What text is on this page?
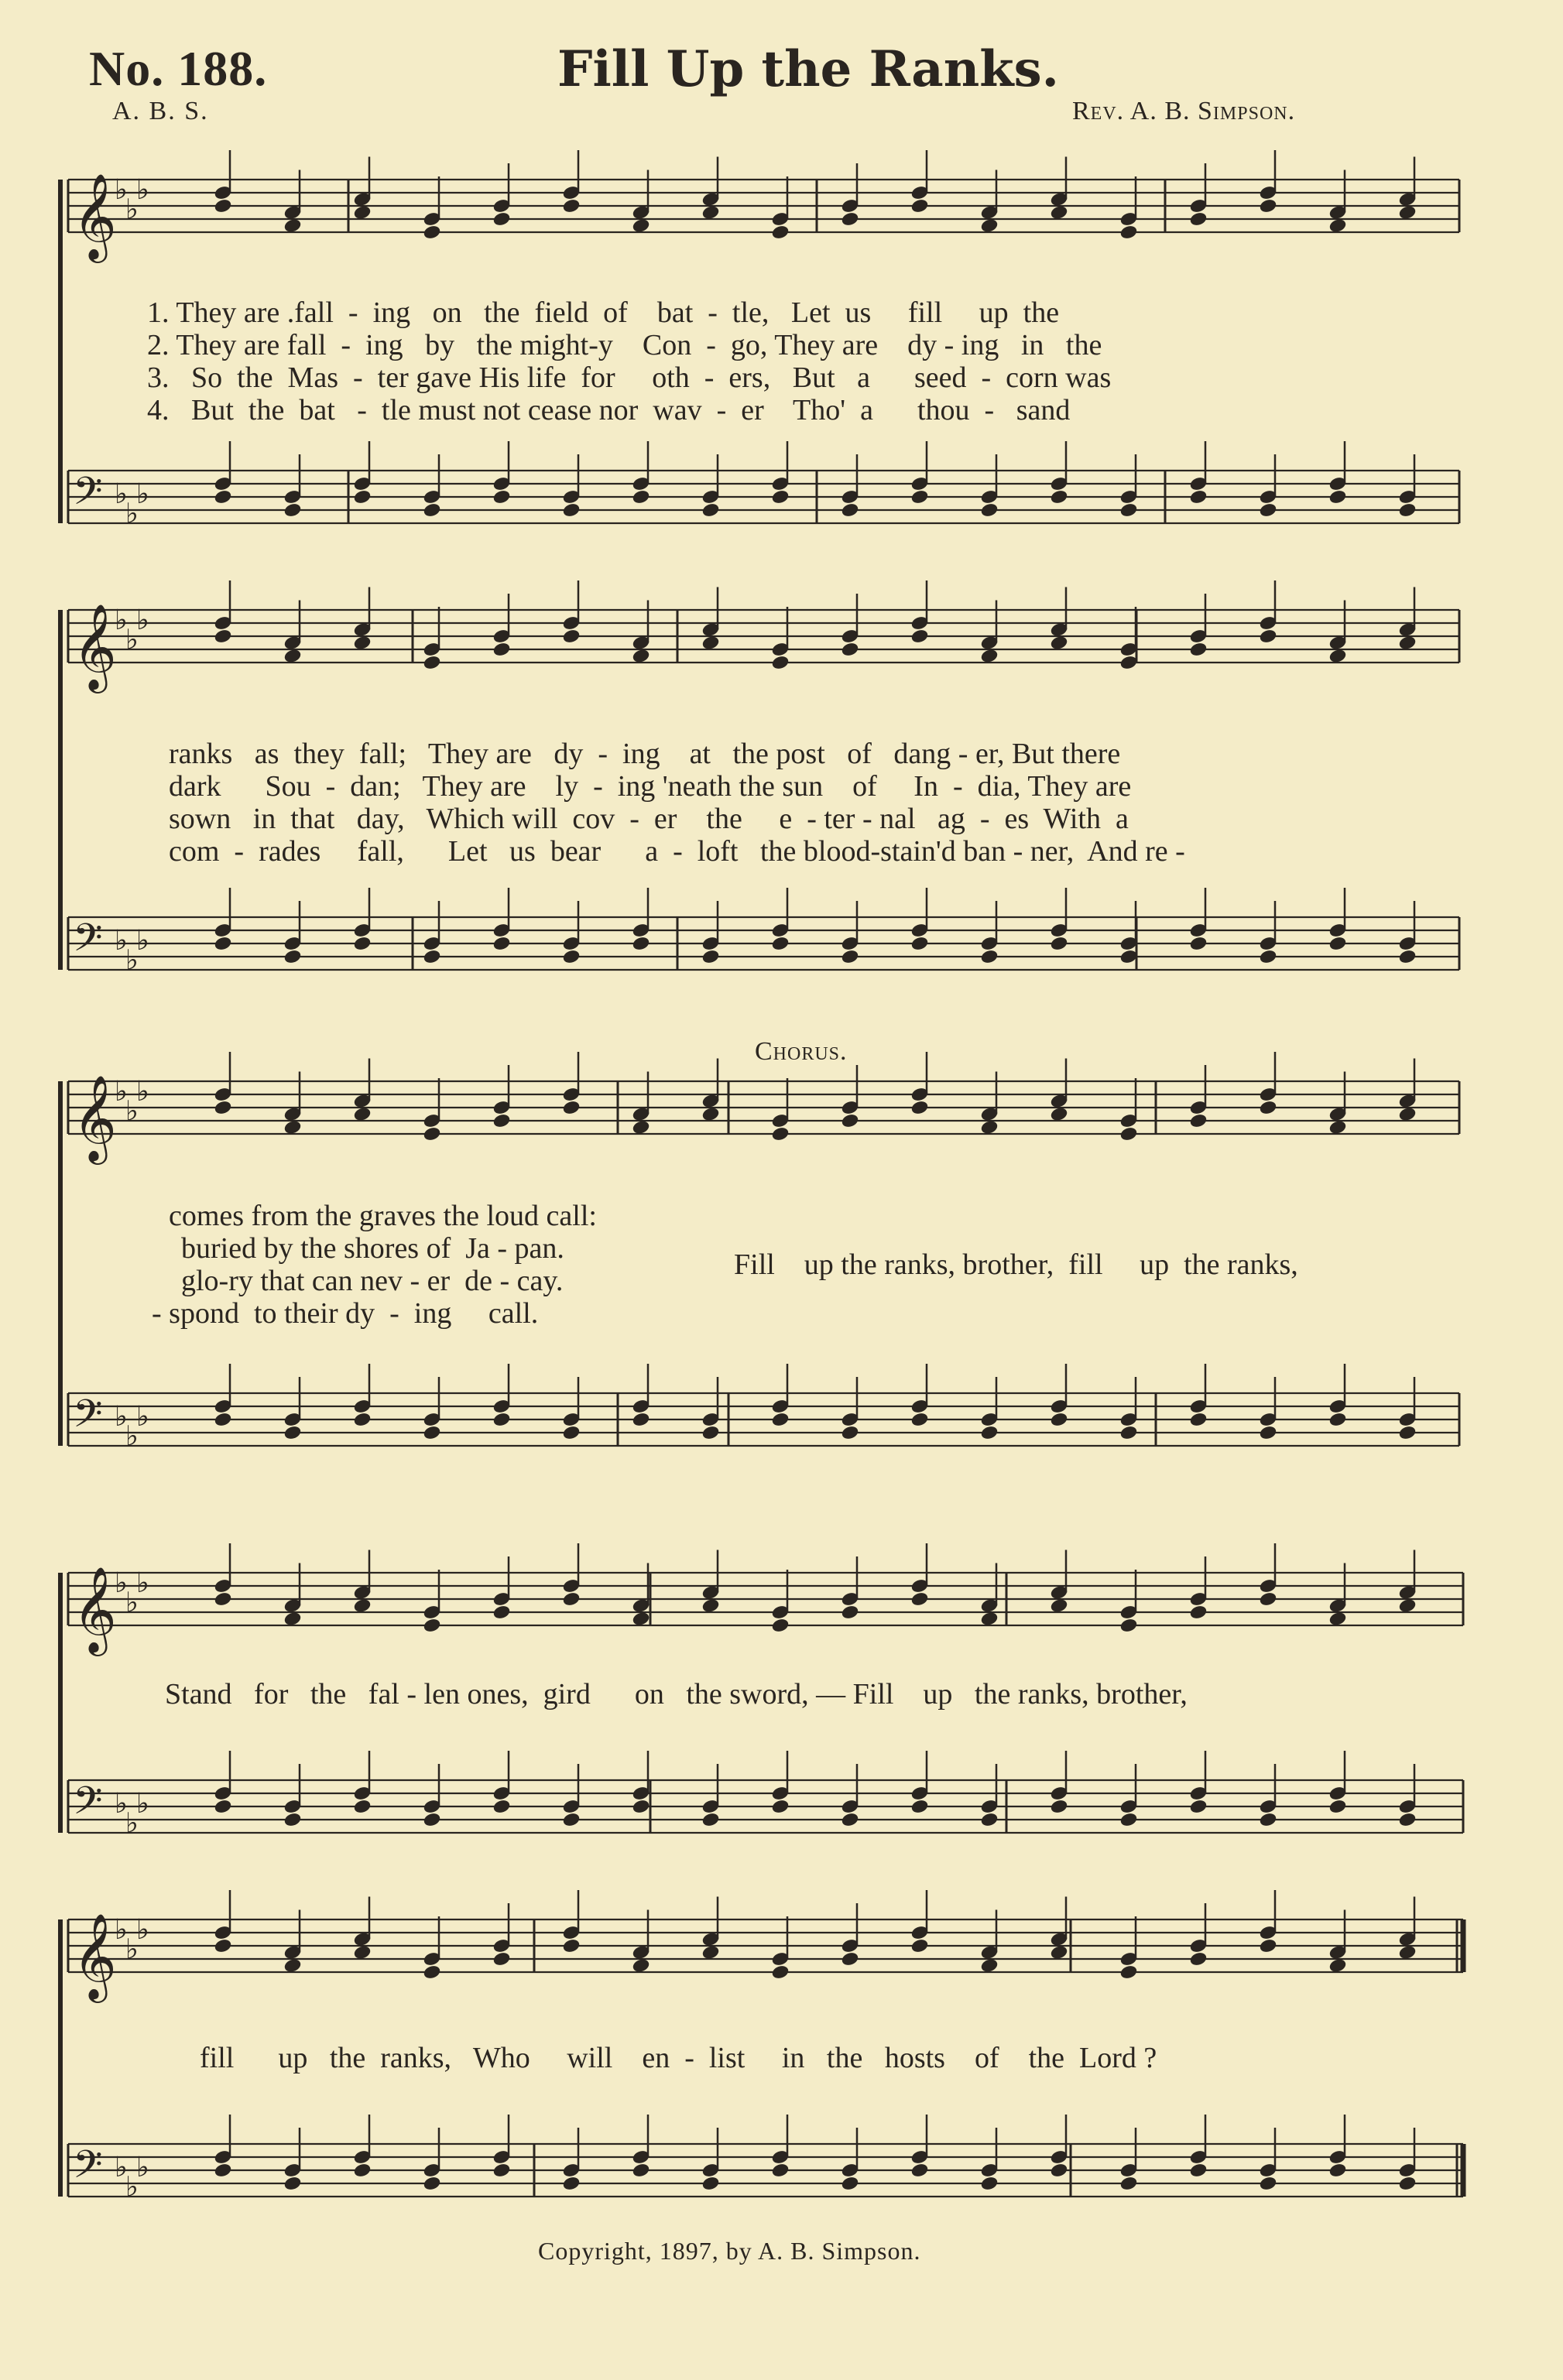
No. 188.	Fill Up the Ranks.
A. B. S.	Rev. A. B. Simpson.
𝄞
𝄢
♭
♭
♭
♭
♭
♭
𝄞
𝄢
♭
♭
♭
♭
♭
♭
𝄞
𝄢
♭
♭
♭
♭
♭
♭
𝄞
𝄢
♭
♭
♭
♭
♭
♭
𝄞
𝄢
♭
♭
♭
♭
♭
♭
1. They are .fall  -  ing   on   the  field  of    bat  -  tle,   Let  us     fill     up  the
2. They are fall  -  ing   by   the might-y    Con  -  go, They are    dy - ing   in   the
3.   So  the  Mas  -  ter gave His life  for     oth  -  ers,   But   a      seed  -  corn was
4.   But  the  bat   -  tle must not cease nor  wav  -  er    Tho'  a      thou  -   sand
ranks   as  they  fall;   They are   dy  -  ing    at   the post   of   dang - er, But there
dark      Sou  -  dan;   They are    ly  -  ing 'neath the sun    of     In  -  dia, They are
sown   in  that   day,   Which will  cov  -  er    the     e  - ter - nal   ag  -  es  With  a
com  -  rades     fall,      Let   us  bear      a  -  loft   the blood-stain'd ban - ner,  And re -
Chorus.
comes from the graves the loud call:
buried by the shores of  Ja - pan.
glo-ry that can nev - er  de - cay.
- spond  to their dy  -  ing     call.
Fill    up the ranks, brother,  fill     up  the ranks,
Stand   for   the   fal - len ones,  gird      on   the sword, — Fill    up   the ranks, brother,
fill      up   the  ranks,   Who     will    en  -  list     in   the   hosts    of    the  Lord ?
Copyright, 1897, by A. B. Simpson.
